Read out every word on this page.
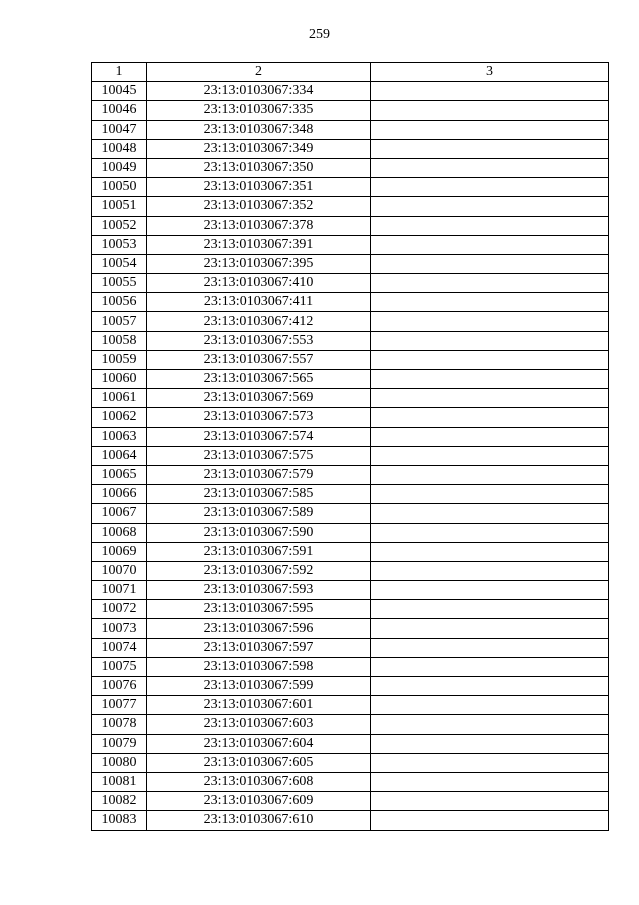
259
1	2	3
10045	23:13:0103067:334	
10046	23:13:0103067:335	
10047	23:13:0103067:348	
10048	23:13:0103067:349	
10049	23:13:0103067:350	
10050	23:13:0103067:351	
10051	23:13:0103067:352	
10052	23:13:0103067:378	
10053	23:13:0103067:391	
10054	23:13:0103067:395	
10055	23:13:0103067:410	
10056	23:13:0103067:411	
10057	23:13:0103067:412	
10058	23:13:0103067:553	
10059	23:13:0103067:557	
10060	23:13:0103067:565	
10061	23:13:0103067:569	
10062	23:13:0103067:573	
10063	23:13:0103067:574	
10064	23:13:0103067:575	
10065	23:13:0103067:579	
10066	23:13:0103067:585	
10067	23:13:0103067:589	
10068	23:13:0103067:590	
10069	23:13:0103067:591	
10070	23:13:0103067:592	
10071	23:13:0103067:593	
10072	23:13:0103067:595	
10073	23:13:0103067:596	
10074	23:13:0103067:597	
10075	23:13:0103067:598	
10076	23:13:0103067:599	
10077	23:13:0103067:601	
10078	23:13:0103067:603	
10079	23:13:0103067:604	
10080	23:13:0103067:605	
10081	23:13:0103067:608	
10082	23:13:0103067:609	
10083	23:13:0103067:610	
